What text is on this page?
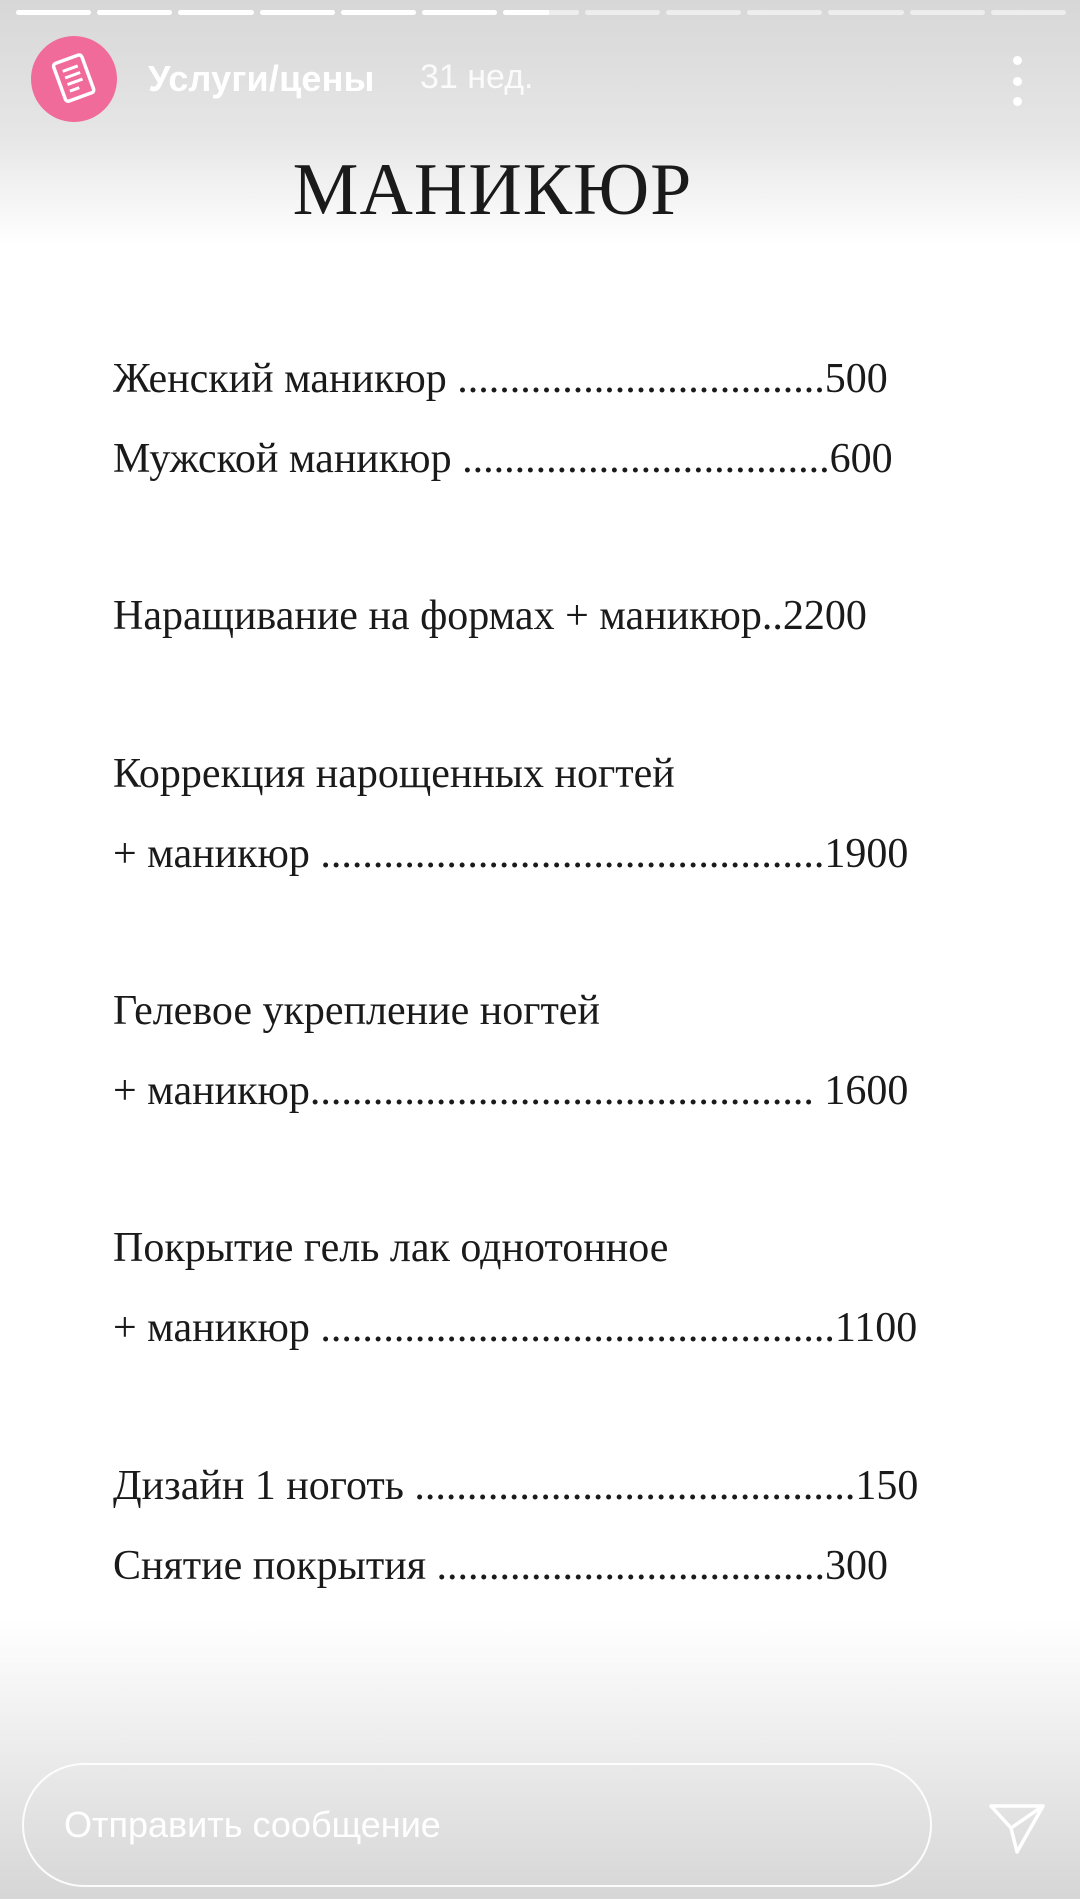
Услуги/цены 31 нед.
МАНИКЮР
Женский маникюр ...................................500
Мужской маникюр ...................................600
Наращивание на формах + маникюр..2200
Коррекция нарощенных ногтей
+ маникюр ................................................1900
Гелевое укрепление ногтей
+ маникюр................................................ 1600
Покрытие гель лак однотонное
+ маникюр .................................................1100
Дизайн 1 ноготь ..........................................150
Снятие покрытия .....................................300
Отправить сообщение
